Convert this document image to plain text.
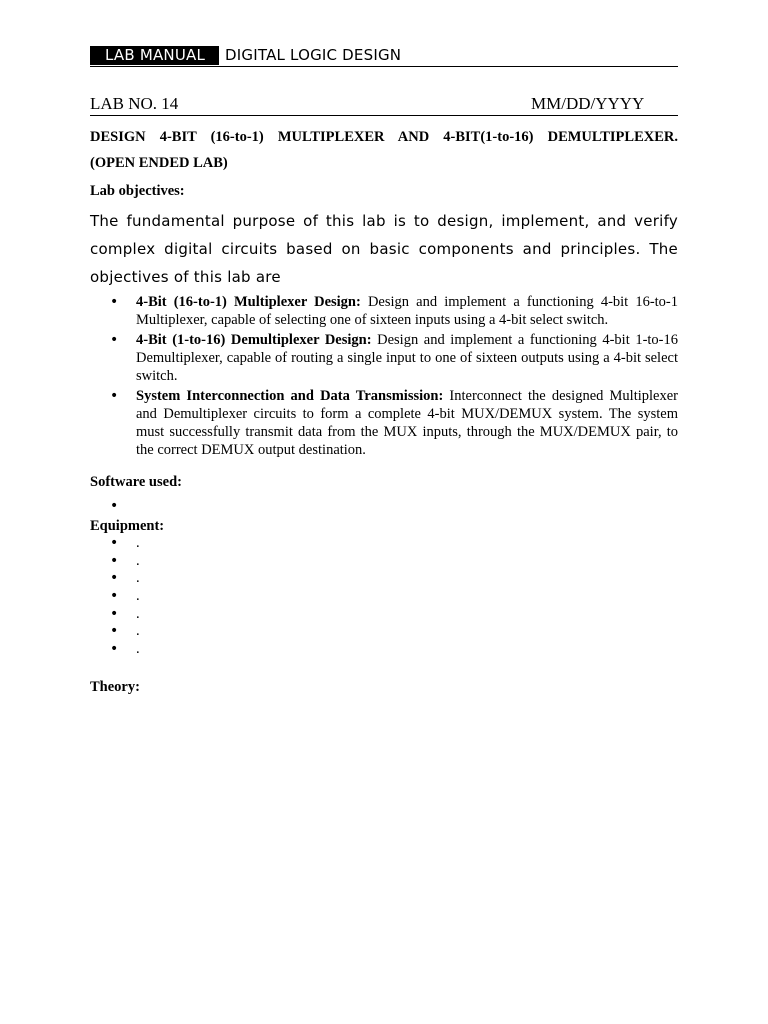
LAB MANUAL	DIGITAL LOGIC DESIGN
LAB NO. 14	MM/DD/YYYY
DESIGN 4-BIT (16-to-1) MULTIPLEXER AND 4-BIT(1-to-16) DEMULTIPLEXER.
(OPEN ENDED LAB)
Lab objectives:
The fundamental purpose of this lab is to design, implement, and verify complex digital circuits based on basic components and principles. The objectives of this lab are
• 4-Bit (16-to-1) Multiplexer Design: Design and implement a functioning 4-bit 16-to-1 Multiplexer, capable of selecting one of sixteen inputs using a 4-bit select switch.
• 4-Bit (1-to-16) Demultiplexer Design: Design and implement a functioning 4-bit 1-to-16 Demultiplexer, capable of routing a single input to one of sixteen outputs using a 4-bit select switch.
• System Interconnection and Data Transmission: Interconnect the designed Multiplexer and Demultiplexer circuits to form a complete 4-bit MUX/DEMUX system. The system must successfully transmit data from the MUX inputs, through the MUX/DEMUX pair, to the correct DEMUX output destination.
Software used:
•
Equipment:
• .
• .
• .
• .
• .
• .
• .
Theory:
